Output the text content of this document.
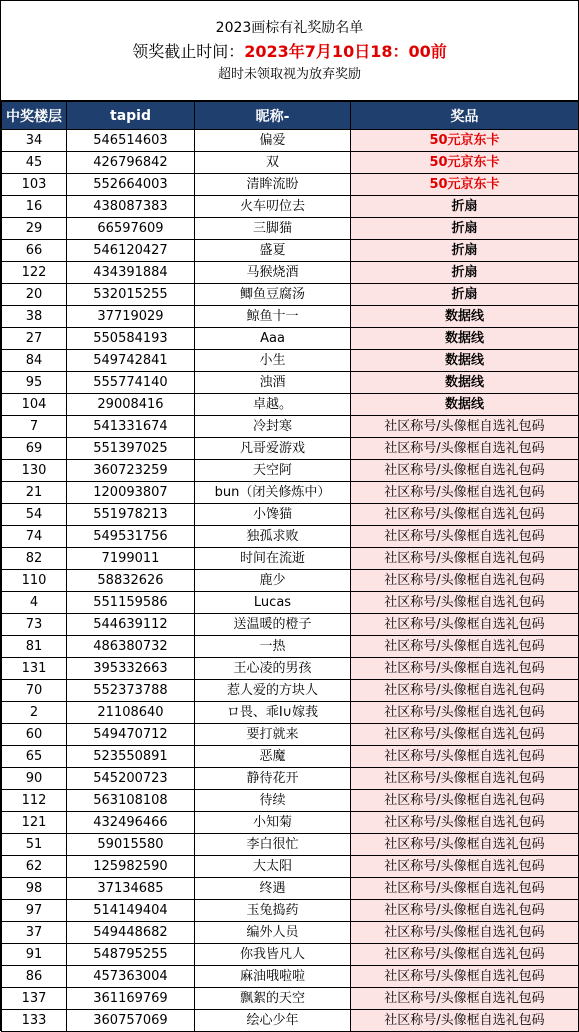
2023画棕有礼奖励名单
领奖截止时间：2023年7月10日18：00前
超时未领取视为放弃奖励
中奖楼层	tapid	昵称-	奖品
34	546514603	偏爱	50元京东卡
45	426796842	双	50元京东卡
103	552664003	清眸流盼	50元京东卡
16	438087383	火车叨位去	折扇
29	66597609	三脚猫	折扇
66	546120427	盛夏	折扇
122	434391884	马猴烧酒	折扇
20	532015255	鲫鱼豆腐汤	折扇
38	37719029	鲸鱼十一	数据线
27	550584193	Aaa	数据线
84	549742841	小生	数据线
95	555774140	浊酒	数据线
104	29008416	卓越。	数据线
7	541331674	冷封寒	社区称号/头像框自选礼包码
69	551397025	凡哥爱游戏	社区称号/头像框自选礼包码
130	360723259	天空阿	社区称号/头像框自选礼包码
21	120093807	bun（闭关修炼中）	社区称号/头像框自选礼包码
54	551978213	小馋猫	社区称号/头像框自选礼包码
74	549531756	独孤求败	社区称号/头像框自选礼包码
82	7199011	时间在流逝	社区称号/头像框自选礼包码
110	58832626	鹿少	社区称号/头像框自选礼包码
4	551159586	Lucas	社区称号/头像框自选礼包码
73	544639112	送温暖的橙子	社区称号/头像框自选礼包码
81	486380732	一热	社区称号/头像框自选礼包码
131	395332663	王心凌的男孩	社区称号/头像框自选礼包码
70	552373788	惹人爱的方块人	社区称号/头像框自选礼包码
2	21108640	ロ畏、乖I∪嫁莪	社区称号/头像框自选礼包码
60	549470712	要打就来	社区称号/头像框自选礼包码
65	523550891	恶魔	社区称号/头像框自选礼包码
90	545200723	静待花开	社区称号/头像框自选礼包码
112	563108108	待续	社区称号/头像框自选礼包码
121	432496466	小知菊	社区称号/头像框自选礼包码
51	59015580	李白很忙	社区称号/头像框自选礼包码
62	125982590	大太阳	社区称号/头像框自选礼包码
98	37134685	终遇	社区称号/头像框自选礼包码
97	514149404	玉兔捣药	社区称号/头像框自选礼包码
37	549448682	编外人员	社区称号/头像框自选礼包码
91	548795255	你我皆凡人	社区称号/头像框自选礼包码
86	457363004	麻油哦啦啦	社区称号/头像框自选礼包码
137	361169769	飘絮的天空	社区称号/头像框自选礼包码
133	360757069	绘心少年	社区称号/头像框自选礼包码
